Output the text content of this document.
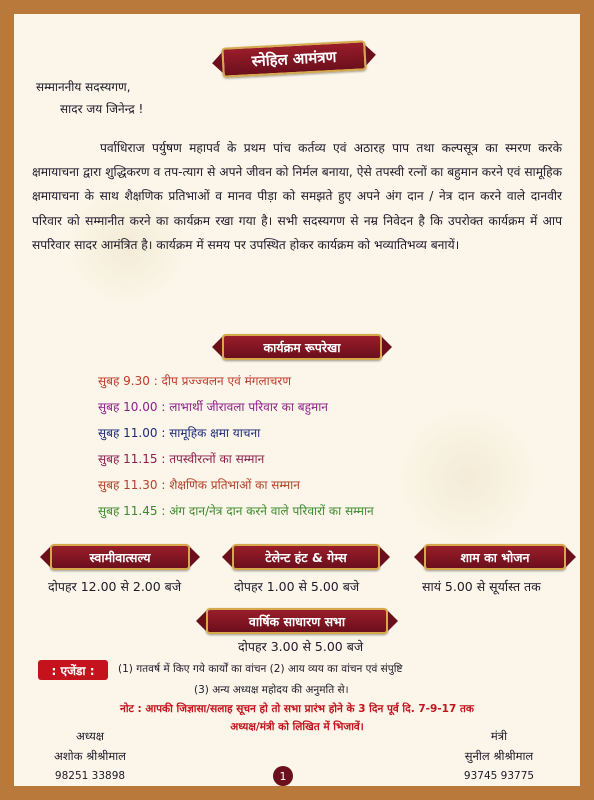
स्नेहिल आमंत्रण
सम्माननीय सदस्यगण,
सादर जय जिनेन्द्र !
पर्वाधिराज पर्युषण महापर्व के प्रथम पांच कर्तव्य एवं अठारह पाप तथा कल्पसूत्र का स्मरण करके क्षमायाचना द्वारा शुद्धिकरण व तप-त्याग से अपने जीवन को निर्मल बनाया, ऐसे तपस्वी रत्नों का बहुमान करने एवं सामूहिक क्षमायाचना के साथ शैक्षणिक प्रतिभाओं व मानव पीड़ा को समझते हुए अपने अंग दान / नेत्र दान करने वाले दानवीर परिवार को सम्मानीत करने का कार्यक्रम रखा गया है। सभी सदस्यगण से नम्र निवेदन है कि उपरोक्त कार्यक्रम में आप सपरिवार सादर आमंत्रित है। कार्यक्रम में समय पर उपस्थित होकर कार्यक्रम को भव्यातिभव्य बनायें।
कार्यक्रम रूपरेखा
सुबह 9.30 : दीप प्रज्ज्वलन एवं मंगलाचरण
सुबह 10.00 : लाभार्थी जीरावला परिवार का बहुमान
सुबह 11.00 : सामूहिक क्षमा याचना
सुबह 11.15 : तपस्वीरत्नों का सम्मान
सुबह 11.30 : शैक्षणिक प्रतिभाओं का सम्मान
सुबह 11.45 : अंग दान/नेत्र दान करने वाले परिवारों का सम्मान
स्वामीवात्सल्य	टेलेन्ट हंट & गेम्स	शाम का भोजन
दोपहर 12.00 से 2.00 बजे	दोपहर 1.00 से 5.00 बजे	सायं 5.00 से सूर्यास्त तक
वार्षिक साधारण सभा
दोपहर 3.00 से 5.00 बजे
: एजेंडा :	(1) गतवर्ष में किए गये कार्यों का वांचन (2) आय व्यय का वांचन एवं संपुष्टि
(3) अन्य अध्यक्ष महोदय की अनुमति से।
नोट : आपकी जिज्ञासा/सलाह सूचन हो तो सभा प्रारंभ होने के 3 दिन पूर्व दि. 7-9-17 तक
अध्यक्ष/मंत्री को लिखित में भिजावें।
अध्यक्ष
अशोक श्रीश्रीमाल
98251 33898
मंत्री
सुनील श्रीश्रीमाल
93745 93775
1
